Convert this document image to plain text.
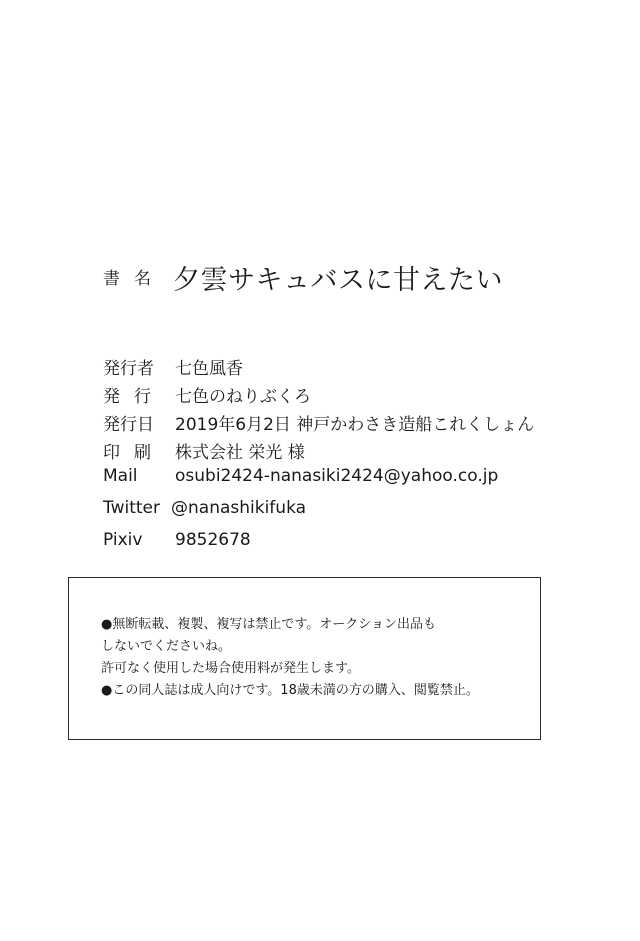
書名 夕雲サキュバスに甘えたい
発行者 七色風香
発行 七色のねりぶくろ
発行日 2019年6月2日 神戸かわさき造船これくしょん
印刷 株式会社 栄光 様
Mail osubi2424-nanasiki2424@yahoo.co.jp
Twitter @nanashikifuka
Pixiv 9852678
●無断転載、複製、複写は禁止です。オークション出品も
しないでくださいね。
許可なく使用した場合使用料が発生します。
●この同人誌は成人向けです。18歳未満の方の購入、閲覧禁止。
